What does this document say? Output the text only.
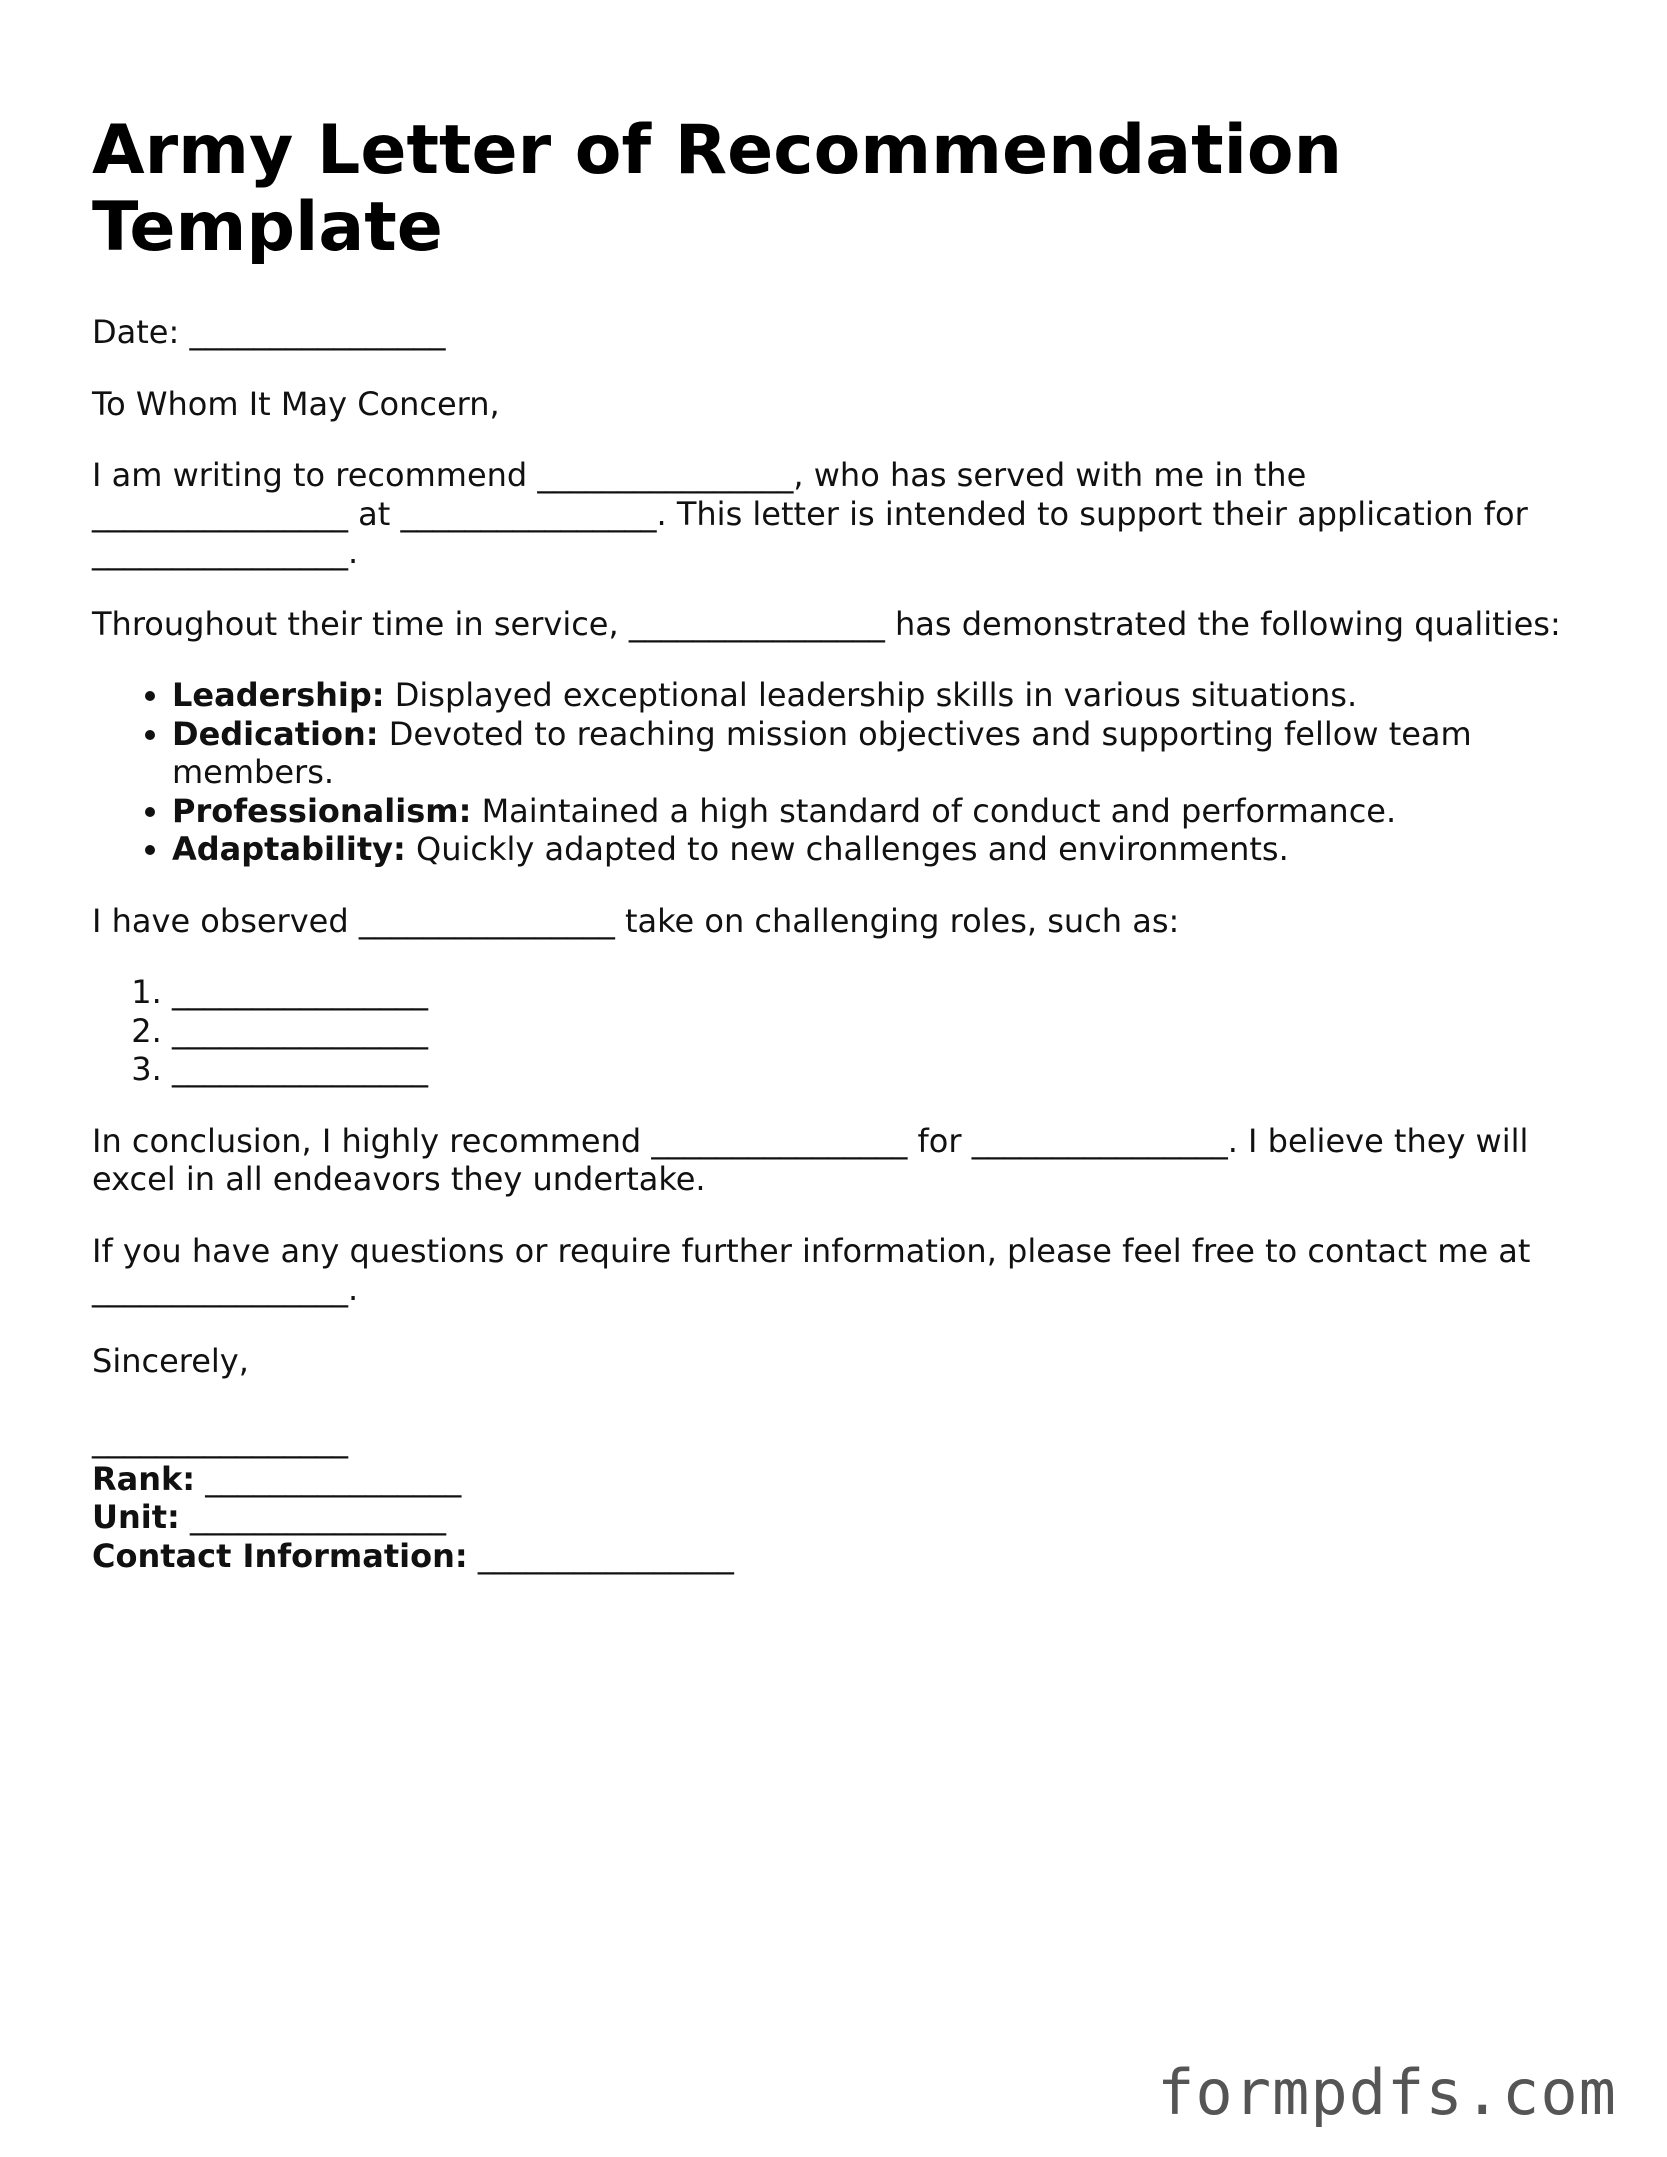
Army Letter of Recommendation Template

Date: ________________

To Whom It May Concern,

I am writing to recommend ________________, who has served with me in the ________________ at ________________. This letter is intended to support their application for ________________.

Throughout their time in service, ________________ has demonstrated the following qualities:

• Leadership: Displayed exceptional leadership skills in various situations.
• Dedication: Devoted to reaching mission objectives and supporting fellow team members.
• Professionalism: Maintained a high standard of conduct and performance.
• Adaptability: Quickly adapted to new challenges and environments.

I have observed ________________ take on challenging roles, such as:

1. ________________
2. ________________
3. ________________

In conclusion, I highly recommend ________________ for ________________. I believe they will excel in all endeavors they undertake.

If you have any questions or require further information, please feel free to contact me at ________________.

Sincerely,

________________
Rank: ________________
Unit: ________________
Contact Information: ________________
formpdfs.com
